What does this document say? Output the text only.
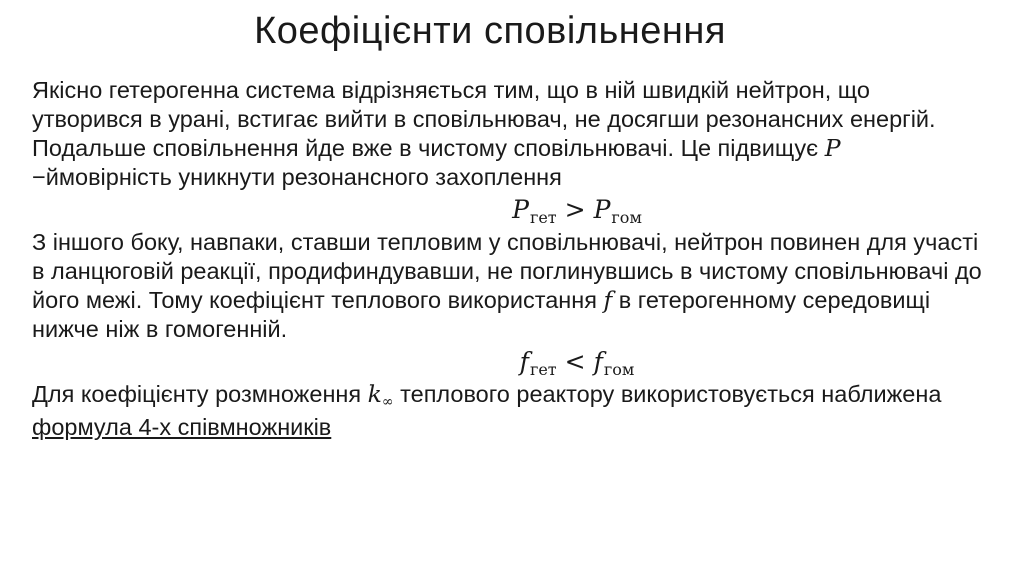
Коефіцієнти сповільнення

Якісно гетерогенна система відрізняється тим, що в ній швидкій нейтрон, що утворився в урані, встигає вийти в сповільнювач, не досягши резонансних енергій. Подальше сповільнення йде вже в чистому сповільнювачі. Це підвищує P −ймовірність уникнути резонансного захоплення

$P_{гет} > P_{гом}$

З іншого боку, навпаки, ставши тепловим у сповільнювачі, нейтрон повинен для участі в ланцюговій реакції, продифиндувавши, не поглинувшись в чистому сповільнювачі до його межі. Тому коефіцієнт теплового використання f в гетерогенному середовищі нижче ніж в гомогенній.

$f_{гет} < f_{гом}$

Для коефіцієнту розмноження k∞ теплового реактору використовується наближена формула 4-х співмножників
